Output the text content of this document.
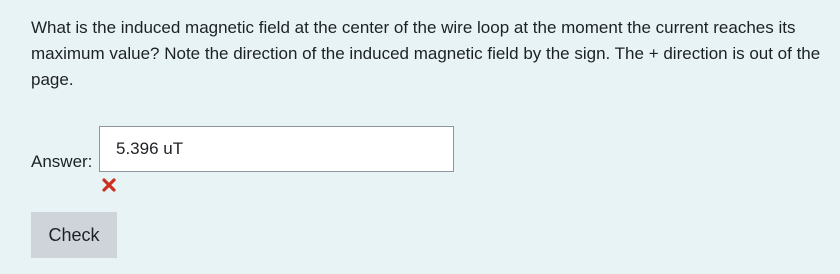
What is the induced magnetic field at the center of the wire loop at the moment the current reaches its maximum value? Note the direction of the induced magnetic field by the sign. The + direction is out of the page.

Answer:
5.396 uT
Check
